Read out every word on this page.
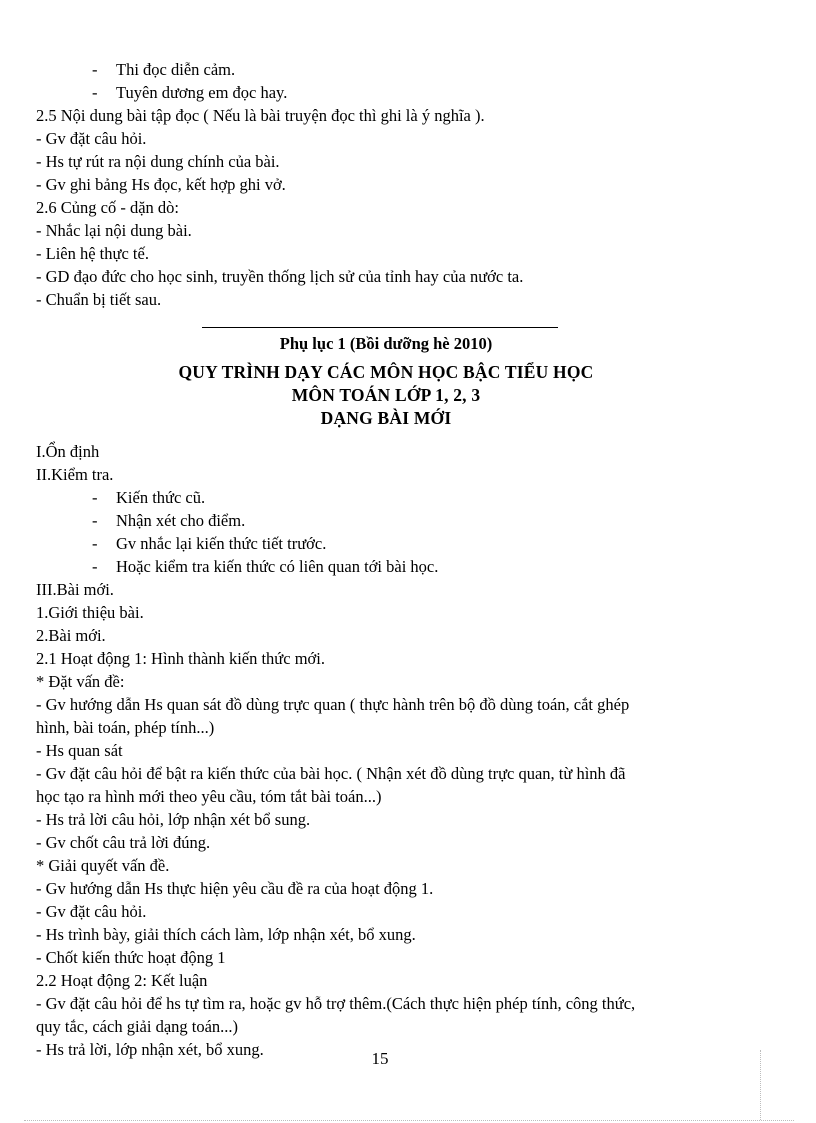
- Thi đọc diễn cảm.
- Tuyên dương em đọc hay.
2.5 Nội dung bài tập đọc ( Nếu là bài truyện đọc thì ghi là ý nghĩa ).
- Gv đặt câu hỏi.
- Hs tự rút ra nội dung chính của bài.
- Gv ghi bảng Hs đọc, kết hợp ghi vở.
2.6 Củng cố - dặn dò:
- Nhắc lại nội dung bài.
- Liên hệ thực tế.
- GD đạo đức cho học sinh, truyền thống lịch sử của tỉnh hay của nước ta.
- Chuẩn bị tiết sau.
Phụ lục 1 (Bồi dưỡng hè 2010)
QUY TRÌNH DẠY CÁC MÔN HỌC BẬC TIỂU HỌC
MÔN TOÁN LỚP 1, 2, 3
DẠNG BÀI MỚI
I.Ổn định
II.Kiểm tra.
- Kiến thức cũ.
- Nhận xét cho điểm.
- Gv nhắc lại kiến thức tiết trước.
- Hoặc kiểm tra kiến thức có liên quan tới bài học.
III.Bài mới.
1.Giới thiệu bài.
2.Bài mới.
2.1 Hoạt động 1: Hình thành kiến thức mới.
* Đặt vấn đề:
- Gv hướng dẫn Hs quan sát đồ dùng trực quan ( thực hành trên bộ đồ dùng toán, cắt ghép
hình, bài toán, phép tính...)
- Hs quan sát
- Gv đặt câu hỏi để bật ra kiến thức của bài học. ( Nhận xét đồ dùng trực quan, từ hình đã
học tạo ra hình mới theo yêu cầu, tóm tắt bài toán...)
- Hs trả lời câu hỏi, lớp nhận xét bổ sung.
- Gv chốt câu trả lời đúng.
* Giải quyết vấn đề.
- Gv hướng dẫn Hs thực hiện yêu cầu đề ra của hoạt động 1.
- Gv đặt câu hỏi.
- Hs trình bày, giải thích cách làm, lớp nhận xét, bổ xung.
- Chốt kiến thức hoạt động 1
2.2 Hoạt động 2: Kết luận
- Gv đặt câu hỏi để hs tự tìm ra, hoặc gv hỗ trợ thêm.(Cách thực hiện phép tính, công thức,
quy tắc, cách giải dạng toán...)
- Hs trả lời, lớp nhận xét, bổ xung.	15
